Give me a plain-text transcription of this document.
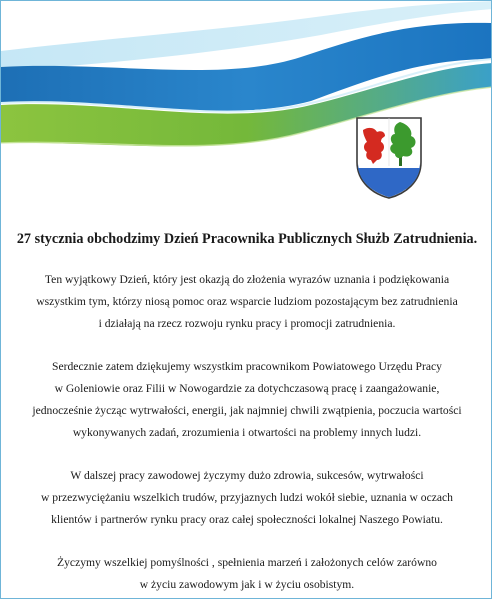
27 stycznia obchodzimy Dzień Pracownika Publicznych Służb Zatrudnienia.

Ten wyjątkowy Dzień, który jest okazją do złożenia wyrazów uznania i podziękowania
wszystkim tym, którzy niosą pomoc oraz wsparcie ludziom pozostającym bez zatrudnienia
i działają na rzecz rozwoju rynku pracy i promocji zatrudnienia.
Serdecznie zatem dziękujemy wszystkim pracownikom Powiatowego Urzędu Pracy
w Goleniowie oraz Filii w Nowogardzie za dotychczasową pracę i zaangażowanie,
jednocześnie życząc wytrwałości, energii, jak najmniej chwili zwątpienia, poczucia wartości
wykonywanych zadań, zrozumienia i otwartości na problemy innych ludzi.
W dalszej pracy zawodowej życzymy dużo zdrowia, sukcesów, wytrwałości
w przezwyciężaniu wszelkich trudów, przyjaznych ludzi wokół siebie, uznania w oczach
klientów i partnerów rynku pracy oraz całej społeczności lokalnej Naszego Powiatu.
Życzymy wszelkiej pomyślności , spełnienia marzeń i założonych celów zarówno
w życiu zawodowym jak i w życiu osobistym.
